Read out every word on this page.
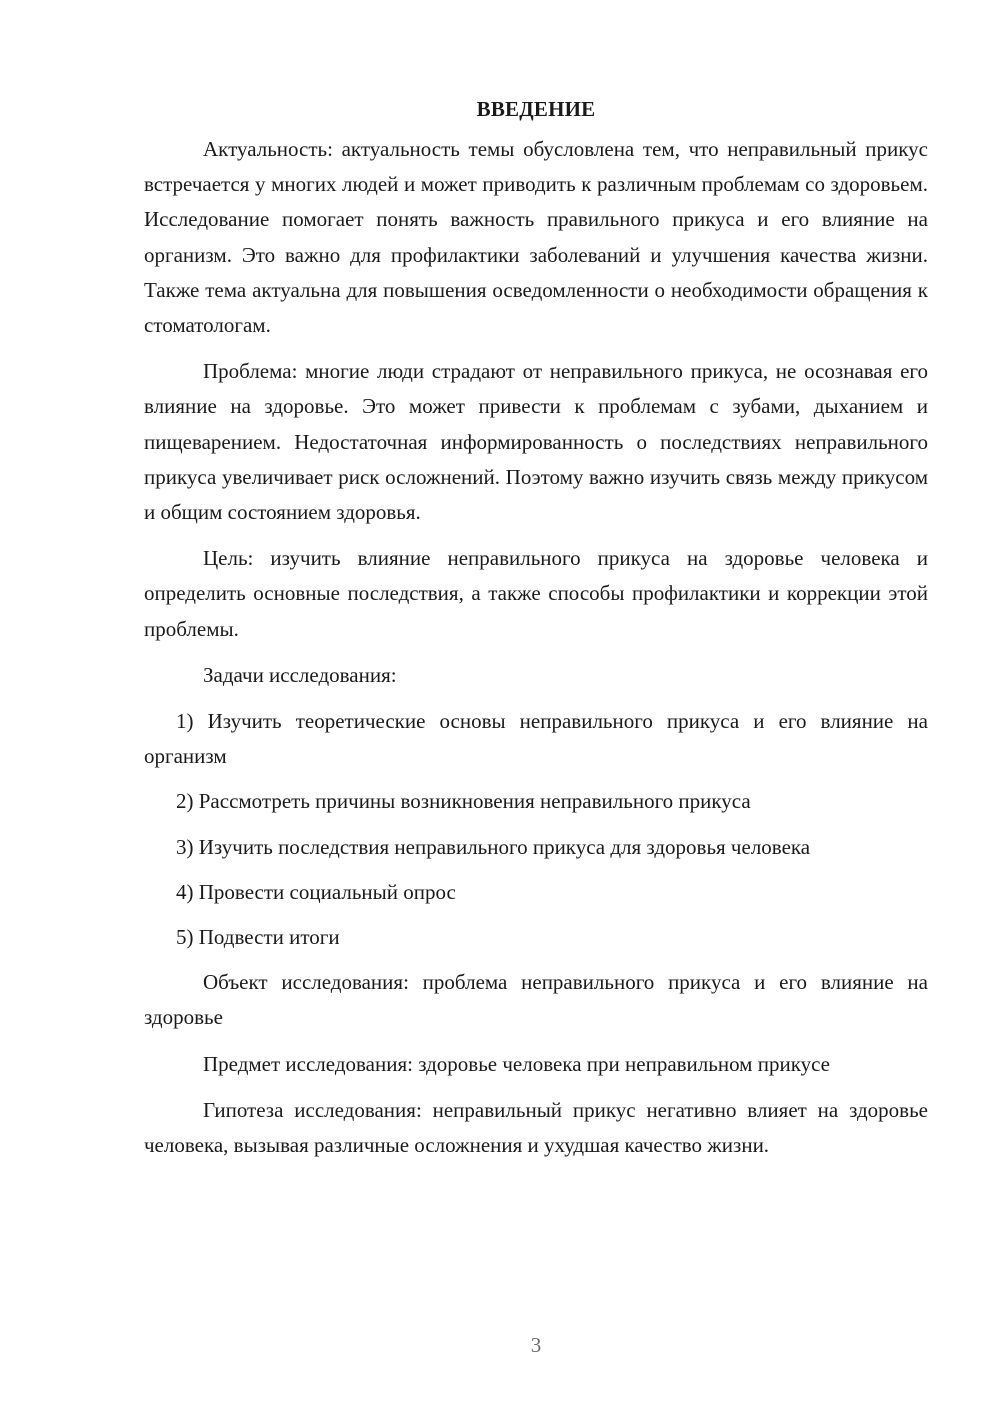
ВВЕДЕНИЕ

Актуальность: актуальность темы обусловлена тем, что неправильный прикус встречается у многих людей и может приводить к различным проблемам со здоровьем. Исследование помогает понять важность правильного прикуса и его влияние на организм. Это важно для профилактики заболеваний и улучшения качества жизни. Также тема актуальна для повышения осведомленности о необходимости обращения к стоматологам.

Проблема: многие люди страдают от неправильного прикуса, не осознавая его влияние на здоровье. Это может привести к проблемам с зубами, дыханием и пищеварением. Недостаточная информированность о последствиях неправильного прикуса увеличивает риск осложнений. Поэтому важно изучить связь между прикусом и общим состоянием здоровья.

Цель: изучить влияние неправильного прикуса на здоровье человека и определить основные последствия, а также способы профилактики и коррекции этой проблемы.

Задачи исследования:

1) Изучить теоретические основы неправильного прикуса и его влияние на организм

2) Рассмотреть причины возникновения неправильного прикуса

3) Изучить последствия неправильного прикуса для здоровья человека

4) Провести социальный опрос

5) Подвести итоги

Объект исследования: проблема неправильного прикуса и его влияние на здоровье

Предмет исследования: здоровье человека при неправильном прикусе

Гипотеза исследования: неправильный прикус негативно влияет на здоровье человека, вызывая различные осложнения и ухудшая качество жизни.

3
